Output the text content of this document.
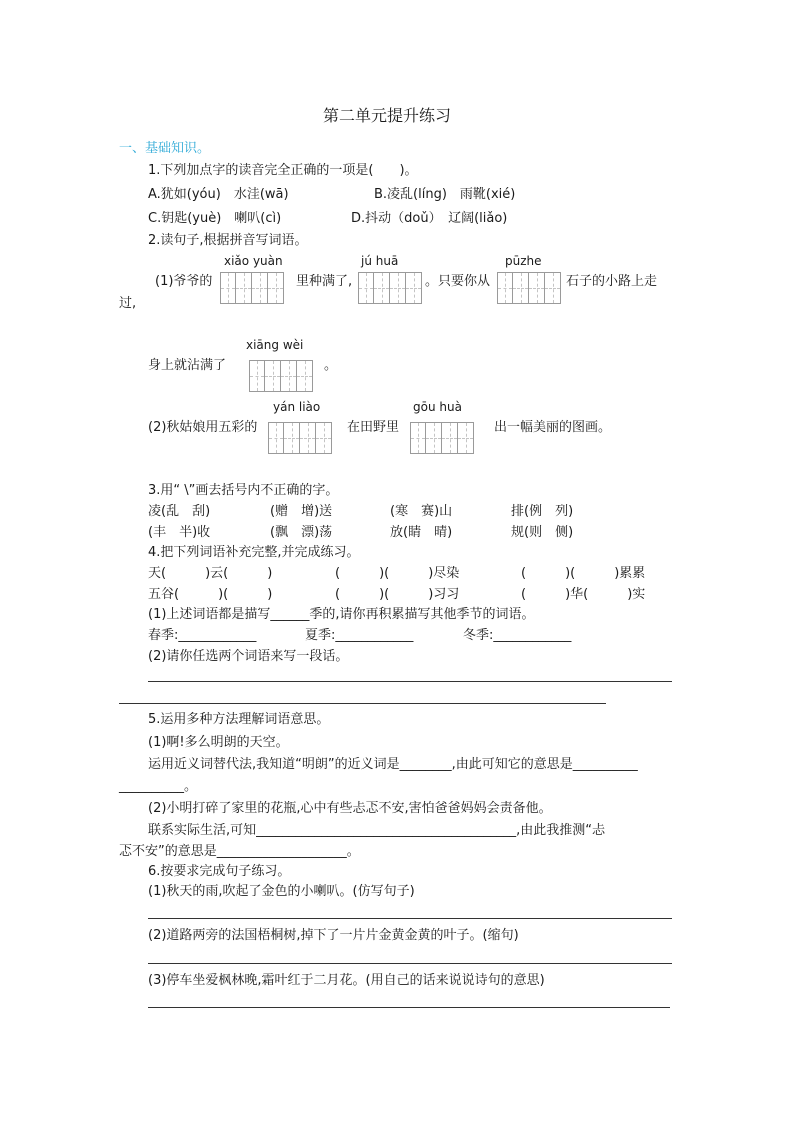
第二单元提升练习
一、基础知识。
1.下列加点字的读音完全正确的一项是(　　)。
A.犹如(yóu)　水洼(wā)	B.凌乱(líng)　雨靴(xié)
C.钥匙(yuè)　喇叭(cì)	D.抖动（doǔ）　辽阔(liǎo)
2.读句子,根据拼音写词语。
xiǎo yuàn	jú huā	pūzhe
(1)爷爷的	里种满了,	。只要你从	石子的小路上走
过,
xiāng wèi
身上就沾满了	。
yán liào	gōu huà
(2)秋姑娘用五彩的	在田野里	出一幅美丽的图画。
3.用“ \”画去括号内不正确的字。
凌(乱　刮)	(赠　增)送	(寒　赛)山	排(例　列)
(丰　半)收	(飘　漂)荡	放(睛　晴)	规(则　侧)
4.把下列词语补充完整,并完成练习。
天(　　　)云(　　　)	(　　　)(　　　)尽染	(　　　)(　　　)累累
五谷(　　　)(　　　)	(　　　)(　　　)习习	(　　　)华(　　　)实
(1)上述词语都是描写______季的,请你再积累描写其他季节的词语。
春季:____________	夏季:____________	冬季:____________
(2)请你任选两个词语来写一段话。
5.运用多种方法理解词语意思。
(1)啊!多么明朗的天空。
运用近义词替代法,我知道“明朗”的近义词是________,由此可知它的意思是__________
__________。
(2)小明打碎了家里的花瓶,心中有些忐忑不安,害怕爸爸妈妈会责备他。
联系实际生活,可知________________________________________,由此我推测“忐
忑不安”的意思是____________________。
6.按要求完成句子练习。
(1)秋天的雨,吹起了金色的小喇叭。(仿写句子)
(2)道路两旁的法国梧桐树,掉下了一片片金黄金黄的叶子。(缩句)
(3)停车坐爱枫林晚,霜叶红于二月花。(用自己的话来说说诗句的意思)
